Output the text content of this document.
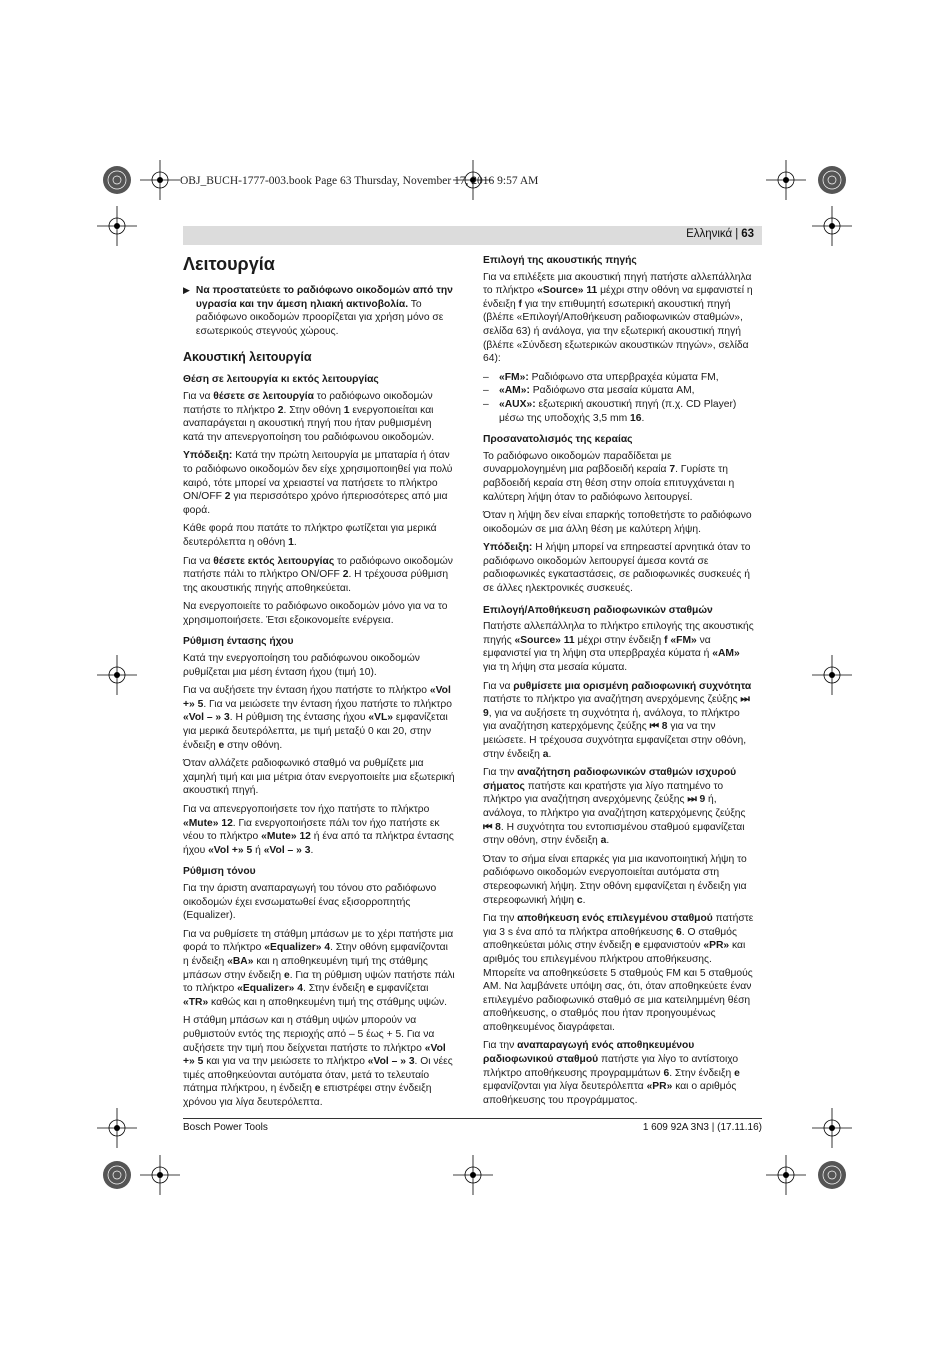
OBJ_BUCH-1777-003.book Page 63 Thursday, November 17, 2016 9:57 AM
Ελληνικά | 63
Λειτουργία
▶ Να προστατεύετε το ραδιόφωνο οικοδομών από την υγρασία και την άμεση ηλιακή ακτινοβολία. Το ραδιόφωνο οικοδομών προορίζεται για χρήση μόνο σε εσωτερικούς στεγνούς χώρους.
Ακουστική λειτουργία
Θέση σε λειτουργία κι εκτός λειτουργίας

Για να θέσετε σε λειτουργία το ραδιόφωνο οικοδομών πατήστε το πλήκτρο 2. Στην οθόνη 1 ενεργοποιείται και αναπαράγεται η ακουστική πηγή που ήταν ρυθμισμένη κατά την απενεργοποίηση του ραδιόφωνου οικοδομών.

Υπόδειξη: Κατά την πρώτη λειτουργία με μπαταρία ή όταν το ραδιόφωνο οικοδομών δεν είχε χρησιμοποιηθεί για πολύ καιρό, τότε μπορεί να χρειαστεί να πατήσετε το πλήκτρο ON/OFF 2 για περισσότερο χρόνο ήπεριοσότερες από μια φορά.

Κάθε φορά που πατάτε το πλήκτρο φωτίζεται για μερικά δευτερόλεπτα η οθόνη 1.

Για να θέσετε εκτός λειτουργίας το ραδιόφωνο οικοδομών πατήστε πάλι το πλήκτρο ON/OFF 2. Η τρέχουσα ρύθμιση της ακουστικής πηγής αποθηκεύεται.

Να ενεργοποιείτε το ραδιόφωνο οικοδομών μόνο για να το χρησιμοποιήσετε. Έτσι εξοικονομείτε ενέργεια.

Ρύθμιση έντασης ήχου

Κατά την ενεργοποίηση του ραδιόφωνου οικοδομών ρυθμίζεται μια μέση ένταση ήχου (τιμή 10).

Για να αυξήσετε την ένταση ήχου πατήστε το πλήκτρο «Vol +» 5. Για να μειώσετε την ένταση ήχου πατήστε το πλήκτρο «Vol – » 3. Η ρύθμιση της έντασης ήχου «VL» εμφανίζεται για μερικά δευτερόλεπτα, με τιμή μεταξύ 0 και 20, στην ένδειξη e στην οθόνη.

Όταν αλλάζετε ραδιοφωνικό σταθμό να ρυθμίζετε μια χαμηλή τιμή και μια μέτρια όταν ενεργοποιείτε μια εξωτερική ακουστική πηγή.

Για να απενεργοποιήσετε τον ήχο πατήστε το πλήκτρο «Mute» 12. Για ενεργοποιήσετε πάλι τον ήχο πατήστε εκ νέου το πλήκτρο «Mute» 12 ή ένα από τα πλήκτρα έντασης ήχου «Vol +» 5 ή «Vol – » 3.

Ρύθμιση τόνου

Για την άριστη αναπαραγωγή του τόνου στο ραδιόφωνο οικοδομών έχει ενσωματωθεί ένας εξισορροπητής (Equalizer).

Για να ρυθμίσετε τη στάθμη μπάσων με το χέρι πατήστε μια φορά το πλήκτρο «Equalizer» 4. Στην οθόνη εμφανίζονται η ένδειξη «BA» και η αποθηκευμένη τιμή της στάθμης μπάσων στην ένδειξη e. Για τη ρύθμιση υψών πατήστε πάλι το πλήκτρο «Equalizer» 4. Στην ένδειξη e εμφανίζεται «TR» καθώς και η αποθηκευμένη τιμή της στάθμης υψών.

Η στάθμη μπάσων και η στάθμη υψών μπορούν να ρυθμιστούν εντός της περιοχής από – 5 έως + 5. Για να αυξήσετε την τιμή που δείχνεται πατήστε το πλήκτρο «Vol +» 5 και για να την μειώσετε το πλήκτρο «Vol – » 3. Οι νέες τιμές αποθηκεύονται αυτόματα όταν, μετά το τελευταίο πάτημα πλήκτρου, η ένδειξη e επιστρέφει στην ένδειξη χρόνου για λίγα δευτερόλεπτα.

Επιλογή της ακουστικής πηγής

Για να επιλέξετε μια ακουστική πηγή πατήστε αλλεπάλληλα το πλήκτρο «Source» 11 μέχρι στην οθόνη να εμφανιστεί η ένδειξη f για την επιθυμητή εσωτερική ακουστική πηγή (βλέπε «Επιλογή/Αποθήκευση ραδιοφωνικών σταθμών», σελίδα 63) ή ανάλογα, για την εξωτερική ακουστική πηγή (βλέπε «Σύνδεση εξωτερικών ακουστικών πηγών», σελίδα 64):

– «FM»: Ραδιόφωνο στα υπερβραχέα κύματα FM,
– «AM»: Ραδιόφωνο στα μεσαία κύματα AM,
– «AUX»: εξωτερική ακουστική πηγή (π.χ. CD Player) μέσω της υποδοχής 3,5 mm 16.
Προσανατολισμός της κεραίας

Το ραδιόφωνο οικοδομών παραδίδεται με συναρμολογημένη μια ραβδοειδή κεραία 7. Γυρίστε τη ραβδοειδή κεραία στη θέση στην οποία επιτυγχάνεται η καλύτερη λήψη όταν το ραδιόφωνο λειτουργεί.

Όταν η λήψη δεν είναι επαρκής τοποθετήστε το ραδιόφωνο οικοδομών σε μια άλλη θέση με καλύτερη λήψη.

Υπόδειξη: Η λήψη μπορεί να επηρεαστεί αρνητικά όταν το ραδιόφωνο οικοδομών λειτουργεί άμεσα κοντά σε ραδιοφωνικές εγκαταστάσεις, σε ραδιοφωνικές συσκευές ή σε άλλες ηλεκτρονικές συσκευές.

Επιλογή/Αποθήκευση ραδιοφωνικών σταθμών

Πατήστε αλλεπάλληλα το πλήκτρο επιλογής της ακουστικής πηγής «Source» 11 μέχρι στην ένδειξη f «FM» να εμφανιστεί για τη λήψη στα υπερβραχέα κύματα ή «AM» για τη λήψη στα μεσαία κύματα.

Για να ρυθμίσετε μια ορισμένη ραδιοφωνική συχνότητα πατήστε το πλήκτρο για αναζήτηση ανερχόμενης ζεύξης ⏭ 9, για να αυξήσετε τη συχνότητα ή, ανάλογα, το πλήκτρο για αναζήτηση κατερχόμενης ζεύξης ⏮ 8 για να την μειώσετε. Η τρέχουσα συχνότητα εμφανίζεται στην οθόνη, στην ένδειξη a.

Για την αναζήτηση ραδιοφωνικών σταθμών ισχυρού σήματος πατήστε και κρατήστε για λίγο πατημένο το πλήκτρο για αναζήτηση ανερχόμενης ζεύξης ⏭ 9 ή, ανάλογα, το πλήκτρο για αναζήτηση κατερχόμενης ζεύξης ⏮ 8. Η συχνότητα του εντοπισμένου σταθμού εμφανίζεται στην οθόνη, στην ένδειξη a.

Όταν το σήμα είναι επαρκές για μια ικανοποιητική λήψη το ραδιόφωνο οικοδομών ενεργοποιείται αυτόματα στη στερεοφωνική λήψη. Στην οθόνη εμφανίζεται η ένδειξη για στερεοφωνική λήψη c.

Για την αποθήκευση ενός επιλεγμένου σταθμού πατήστε για 3 s ένα από τα πλήκτρα αποθήκευσης 6. Ο σταθμός αποθηκεύεται μόλις στην ένδειξη e εμφανιστούν «PR» και αριθμός του επιλεγμένου πλήκτρου αποθήκευσης.

Μπορείτε να αποθηκεύσετε 5 σταθμούς FM και 5 σταθμούς AM. Να λαμβάνετε υπόψη σας, ότι, όταν αποθηκεύετε έναν επιλεγμένο ραδιοφωνικό σταθμό σε μια κατειλημμένη θέση αποθήκευσης, ο σταθμός που ήταν προηγουμένως αποθηκευμένος διαγράφεται.

Για την αναπαραγωγή ενός αποθηκευμένου ραδιοφωνικού σταθμού πατήστε για λίγο το αντίστοιχο πλήκτρο αποθήκευσης προγραμμάτων 6. Στην ένδειξη e εμφανίζονται για λίγα δευτερόλεπτα «PR» και ο αριθμός αποθήκευσης του προγράμματος.

Bosch Power Tools	1 609 92A 3N3 | (17.11.16)
